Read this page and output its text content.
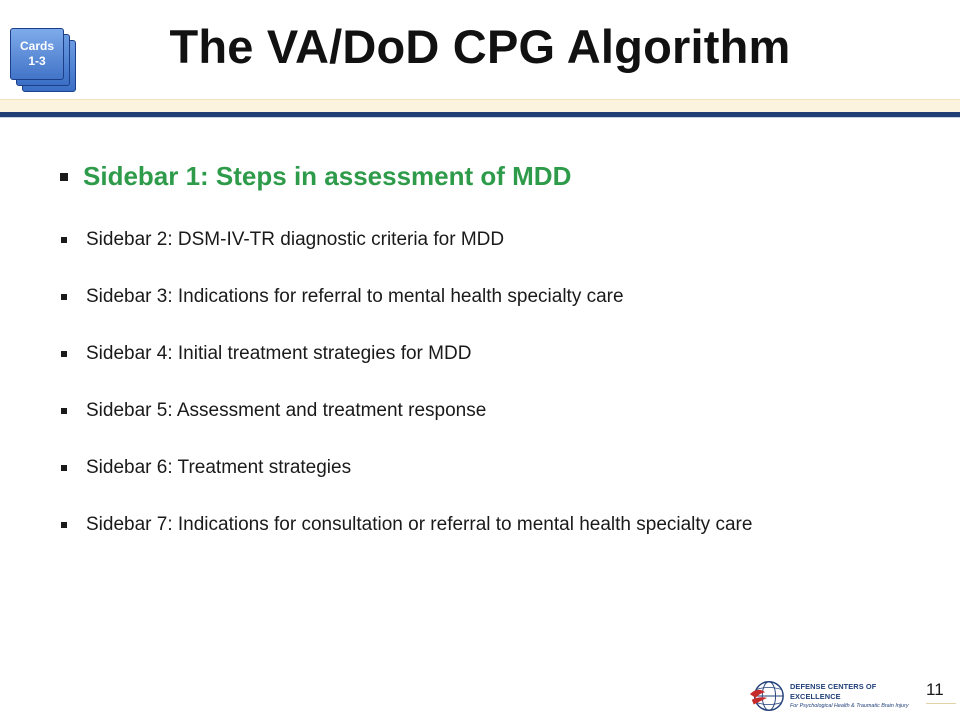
Cards
1-3	The VA/DoD CPG Algorithm
Sidebar 1: Steps in assessment of MDD
Sidebar 2: DSM-IV-TR diagnostic criteria for MDD
Sidebar 3: Indications for referral to mental health specialty care
Sidebar 4: Initial treatment strategies for MDD
Sidebar 5: Assessment and treatment response
Sidebar 6: Treatment strategies
Sidebar 7: Indications for consultation or referral to mental health specialty care
DEFENSE CENTERS OF EXCELLENCE
For Psychological Health & Traumatic Brain Injury
11
